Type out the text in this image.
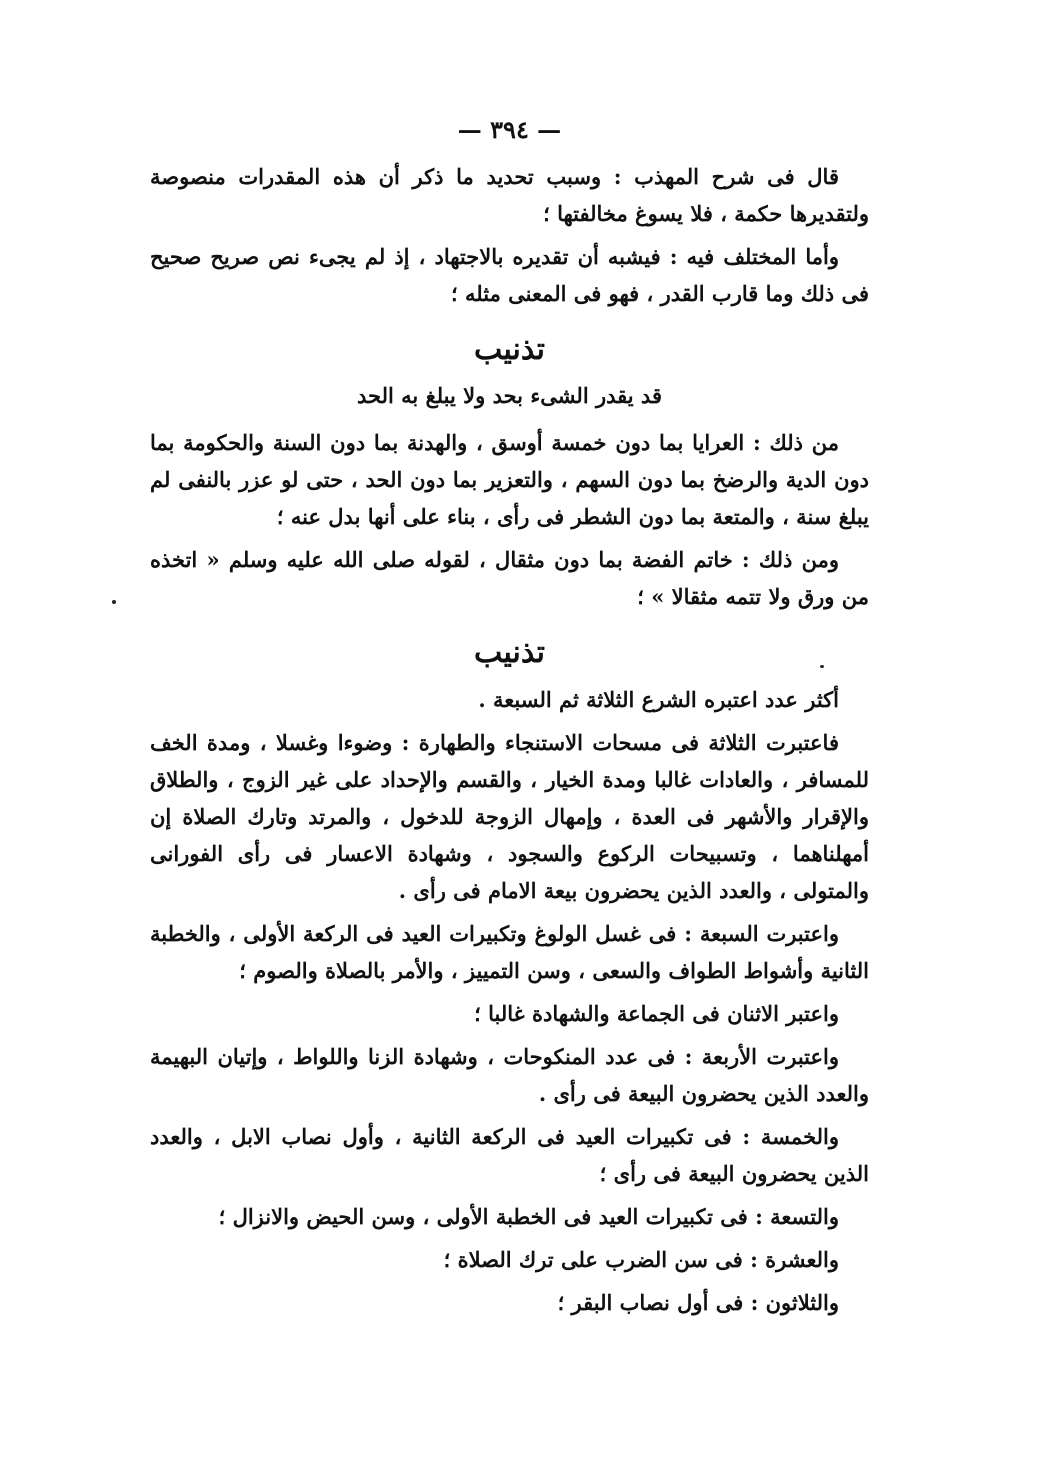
— ٣٩٤ —

قال فى شرح المهذب : وسبب تحديد ما ذكر أن هذه المقدرات منصوصة ولتقديرها حكمة ، فلا يسوغ مخالفتها ؛

وأما المختلف فيه : فيشبه أن تقديره بالاجتهاد ، إذ لم يجىء نص صريح صحيح فى ذلك وما قارب القدر ، فهو فى المعنى مثله ؛

تذنيب
قد يقدر الشىء بحد ولا يبلغ به الحد

من ذلك : العرايا بما دون خمسة أوسق ، والهدنة بما دون السنة والحكومة بما دون الدية والرضخ بما دون السهم ، والتعزير بما دون الحد ، حتى لو عزر بالنفى لم يبلغ سنة ، والمتعة بما دون الشطر فى رأى ، بناء على أنها بدل عنه ؛

ومن ذلك : خاتم الفضة بما دون مثقال ، لقوله صلى الله عليه وسلم « اتخذه من ورق ولا تتمه مثقالا » ؛

تذنيب

أكثر عدد اعتبره الشرع الثلاثة ثم السبعة .

فاعتبرت الثلاثة فى مسحات الاستنجاء والطهارة : وضوءا وغسلا ، ومدة الخف للمسافر ، والعادات غالبا ومدة الخيار ، والقسم والإحداد على غير الزوج ، والطلاق والإقرار والأشهر فى العدة ، وإمهال الزوجة للدخول ، والمرتد وتارك الصلاة إن أمهلناهما ، وتسبيحات الركوع والسجود ، وشهادة الاعسار فى رأى الفورانى والمتولى ، والعدد الذين يحضرون بيعة الامام فى رأى .

واعتبرت السبعة : فى غسل الولوغ وتكبيرات العيد فى الركعة الأولى ، والخطبة الثانية وأشواط الطواف والسعى ، وسن التمييز ، والأمر بالصلاة والصوم ؛

واعتبر الاثنان فى الجماعة والشهادة غالبا ؛

واعتبرت الأربعة : فى عدد المنكوحات ، وشهادة الزنا واللواط ، وإتيان البهيمة والعدد الذين يحضرون البيعة فى رأى .

والخمسة : فى تكبيرات العيد فى الركعة الثانية ، وأول نصاب الابل ، والعدد الذين يحضرون البيعة فى رأى ؛

والتسعة : فى تكبيرات العيد فى الخطبة الأولى ، وسن الحيض والانزال ؛

والعشرة : فى سن الضرب على ترك الصلاة ؛

والثلاثون : فى أول نصاب البقر ؛
